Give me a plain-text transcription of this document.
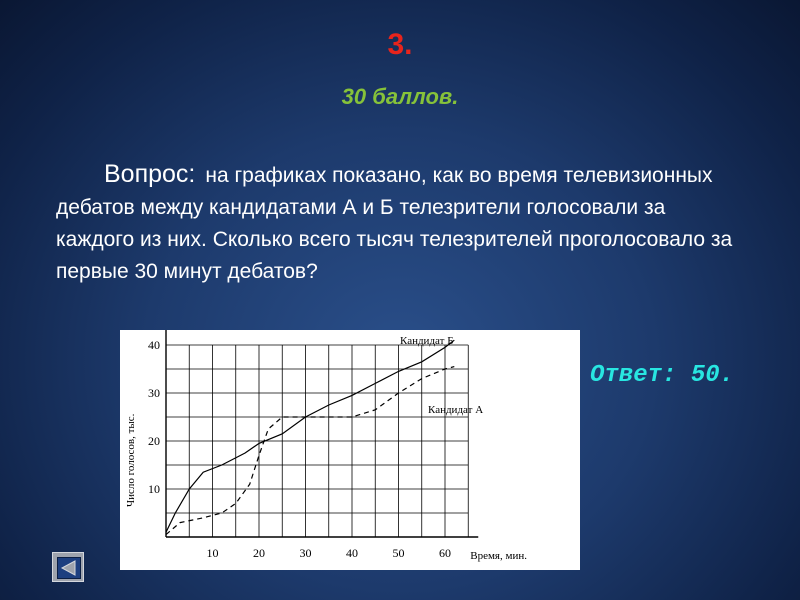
3.
30 баллов.
Вопрос: на графиках показано, как во время телевизионных дебатов между кандидатами А и Б телезрители голосовали за каждого из них. Сколько всего тысяч телезрителей проголосовало за первые 30 минут дебатов?
10	20	30	40	50	60
10
20
30
40
Время, мин.
Число голосов, тыс.
Кандидат Б
Кандидат А
Ответ: 50.
